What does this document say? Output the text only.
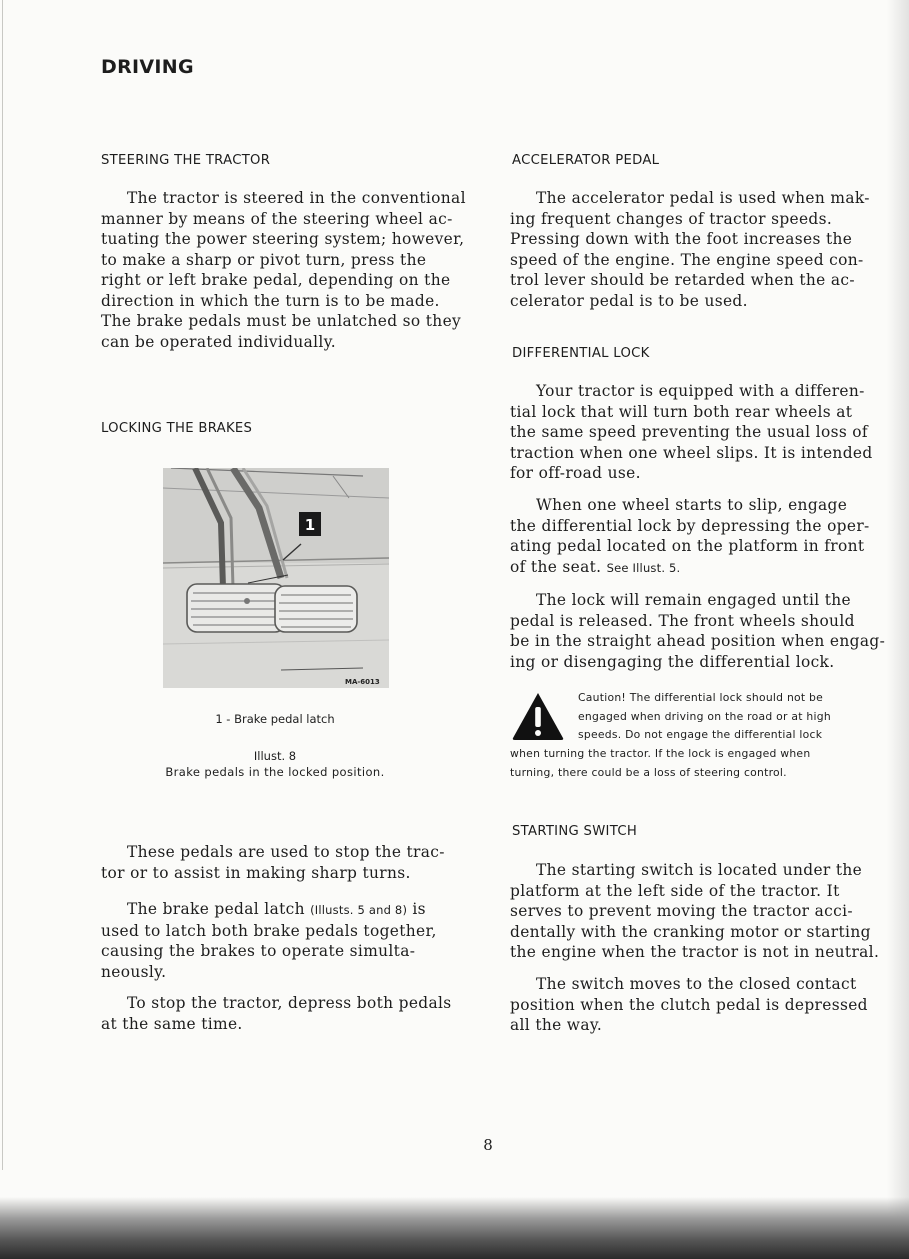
DRIVING
STEERING THE TRACTOR

The tractor is steered in the conventional

manner by means of the steering wheel ac-

tuating the power steering system; however,

to make a sharp or pivot turn, press the

right or left brake pedal, depending on the

direction in which the turn is to be made.

The brake pedals must be unlatched so they

can be operated individually.

LOCKING THE BRAKES
1
MA-6013
1 - Brake pedal latch
Illust. 8
Brake pedals in the locked position.

These pedals are used to stop the trac-

tor or to assist in making sharp turns.

The brake pedal latch (Illusts. 5 and 8) is

used to latch both brake pedals together,

causing the brakes to operate simulta-

neously.

To stop the tractor, depress both pedals

at the same time.

ACCELERATOR PEDAL

The accelerator pedal is used when mak-

ing frequent changes of tractor speeds.

Pressing down with the foot increases the

speed of the engine. The engine speed con-

trol lever should be retarded when the ac-

celerator pedal is to be used.

DIFFERENTIAL LOCK

Your tractor is equipped with a differen-

tial lock that will turn both rear wheels at

the same speed preventing the usual loss of

traction when one wheel slips. It is intended

for off-road use.

When one wheel starts to slip, engage

the differential lock by depressing the oper-

ating pedal located on the platform in front

of the seat. See Illust. 5.

The lock will remain engaged until the

pedal is released. The front wheels should

be in the straight ahead position when engag-

ing or disengaging the differential lock.

Caution! The differential lock should not be
engaged when driving on the road or at high
speeds. Do not engage the differential lock
when turning the tractor. If the lock is engaged when
turning, there could be a loss of steering control.
STARTING SWITCH

The starting switch is located under the

platform at the left side of the tractor. It

serves to prevent moving the tractor acci-

dentally with the cranking motor or starting

the engine when the tractor is not in neutral.

The switch moves to the closed contact

position when the clutch pedal is depressed

all the way.

8
